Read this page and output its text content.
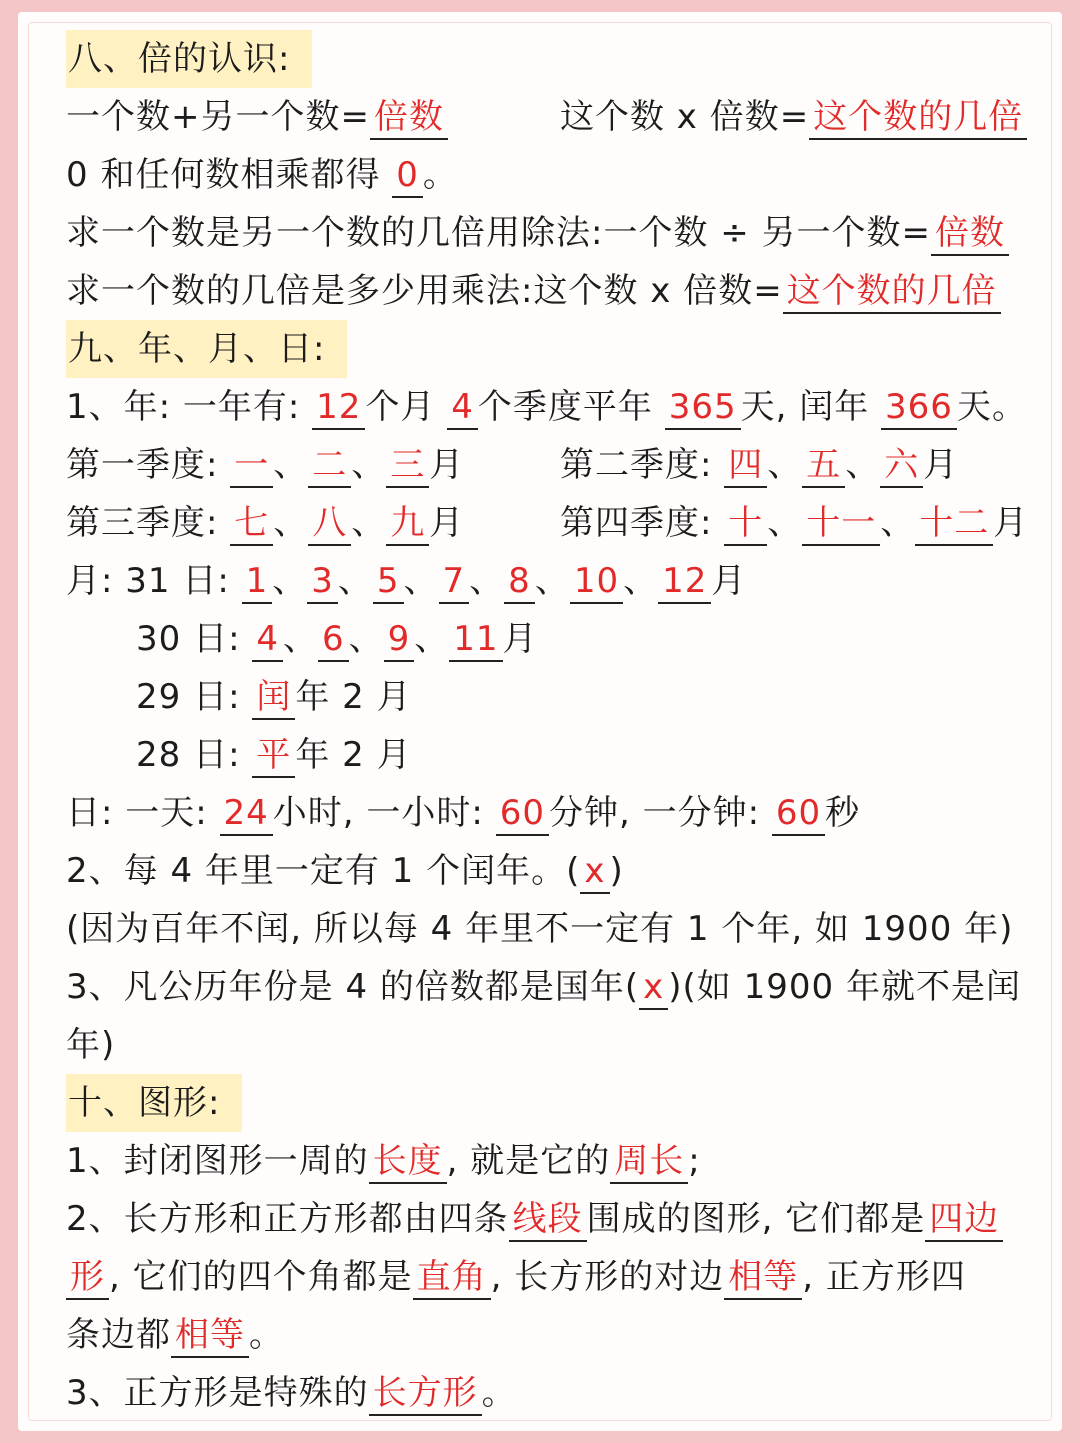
八、倍的认识:
一个数+另一个数= 倍数	这个数 x 倍数= 这个数的几倍
0 和任何数相乘都得 0 。
求一个数是另一个数的几倍用除法:一个数 ÷ 另一个数= 倍数
求一个数的几倍是多少用乘法:这个数 x 倍数= 这个数的几倍
九、年、月、日:
1、年: 一年有: 12 个月 4 个季度平年 365 天, 闰年 366 天。
第一季度: 一 、 二 、 三 月	第二季度: 四 、 五 、 六 月
第三季度: 七 、 八 、 九 月	第四季度: 十 、 十一 、 十二 月
月: 31 日: 1 、 3 、 5 、 7 、 8 、 10 、 12 月
30 日: 4 、 6 、 9 、 11 月
29 日: 闰 年 2 月
28 日: 平 年 2 月
日: 一天: 24 小时, 一小时: 60 分钟, 一分钟: 60 秒
2、每 4 年里一定有 1 个闰年。( x )
(因为百年不闰, 所以每 4 年里不一定有 1 个年, 如 1900 年)
3、凡公历年份是 4 的倍数都是国年( x )(如 1900 年就不是闰
年)
十、图形:
1、封闭图形一周的 长度 , 就是它的 周长 ;
2、长方形和正方形都由四条 线段 围成的图形, 它们都是 四边
形 , 它们的四个角都是 直角 , 长方形的对边 相等 , 正方形四
条边都 相等 。
3、正方形是特殊的 长方形 。
